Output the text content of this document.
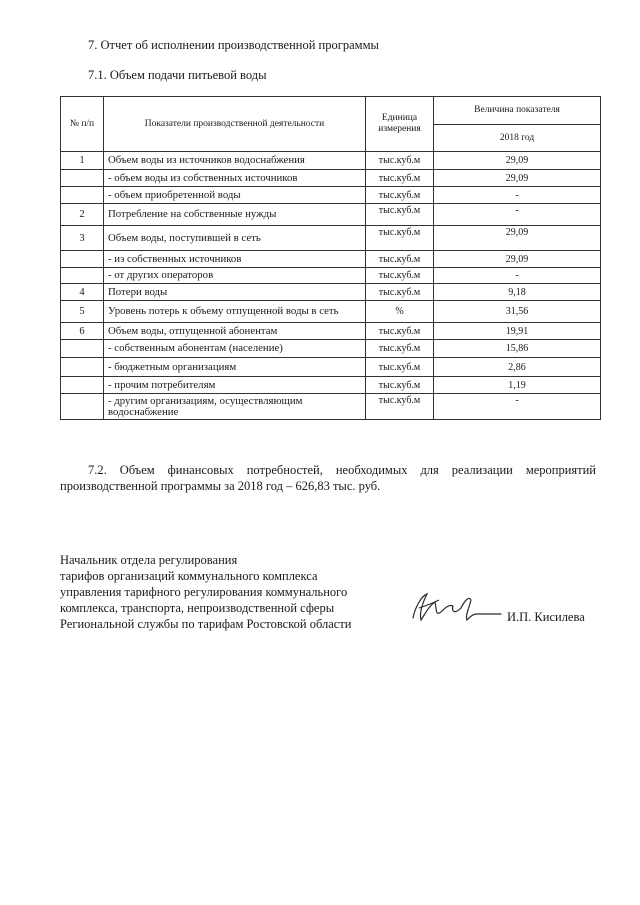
7. Отчет об исполнении производственной программы
7.1. Объем подачи питьевой воды
№ п/п	Показатели производственной деятельности	Единица измерения	Величина показателя
			2018 год
1	Объем воды из источников водоснабжения	тыс.куб.м	29,09
	- объем воды из собственных источников	тыс.куб.м	29,09
	- объем приобретенной воды	тыс.куб.м	-
2	Потребление на собственные нужды	тыс.куб.м	-
3	Объем воды, поступившей в сеть	тыс.куб.м	29,09
	- из собственных источников	тыс.куб.м	29,09
	- от других операторов	тыс.куб.м	-
4	Потери воды	тыс.куб.м	9,18
5	Уровень потерь к объему отпущенной воды в сеть	%	31,56
6	Объем воды, отпущенной абонентам	тыс.куб.м	19,91
	- собственным абонентам (население)	тыс.куб.м	15,86
	- бюджетным организациям	тыс.куб.м	2,86
	- прочим потребителям	тыс.куб.м	1,19
	- другим организациям, осуществляющим водоснабжение	тыс.куб.м	-
7.2. Объем финансовых потребностей, необходимых для реализации мероприятий производственной программы за 2018 год – 626,83 тыс. руб.
Начальник отдела регулирования
тарифов организаций коммунального комплекса
управления тарифного регулирования коммунального
комплекса, транспорта, непроизводственной сферы
Региональной службы по тарифам Ростовской области	И.П. Кисилева
